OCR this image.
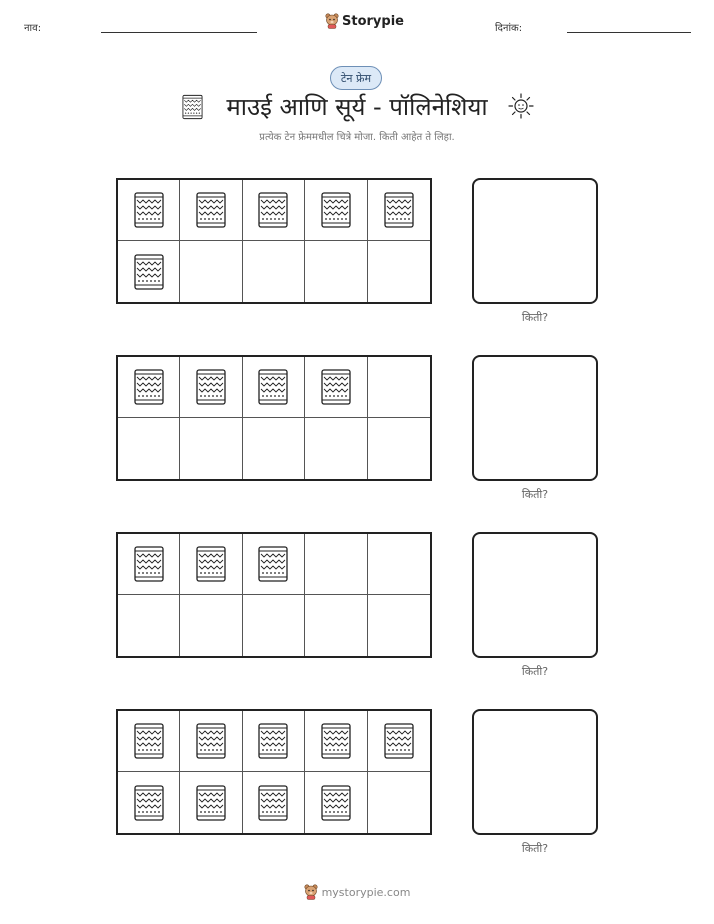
नाव:	Storypie	दिनांक:
टेन फ्रेम
माउई आणि सूर्य - पॉलिनेशिया
प्रत्येक टेन फ्रेममधील चित्रे मोजा. किती आहेत ते लिहा.
किती?
किती?
किती?
किती?
mystorypie.com
